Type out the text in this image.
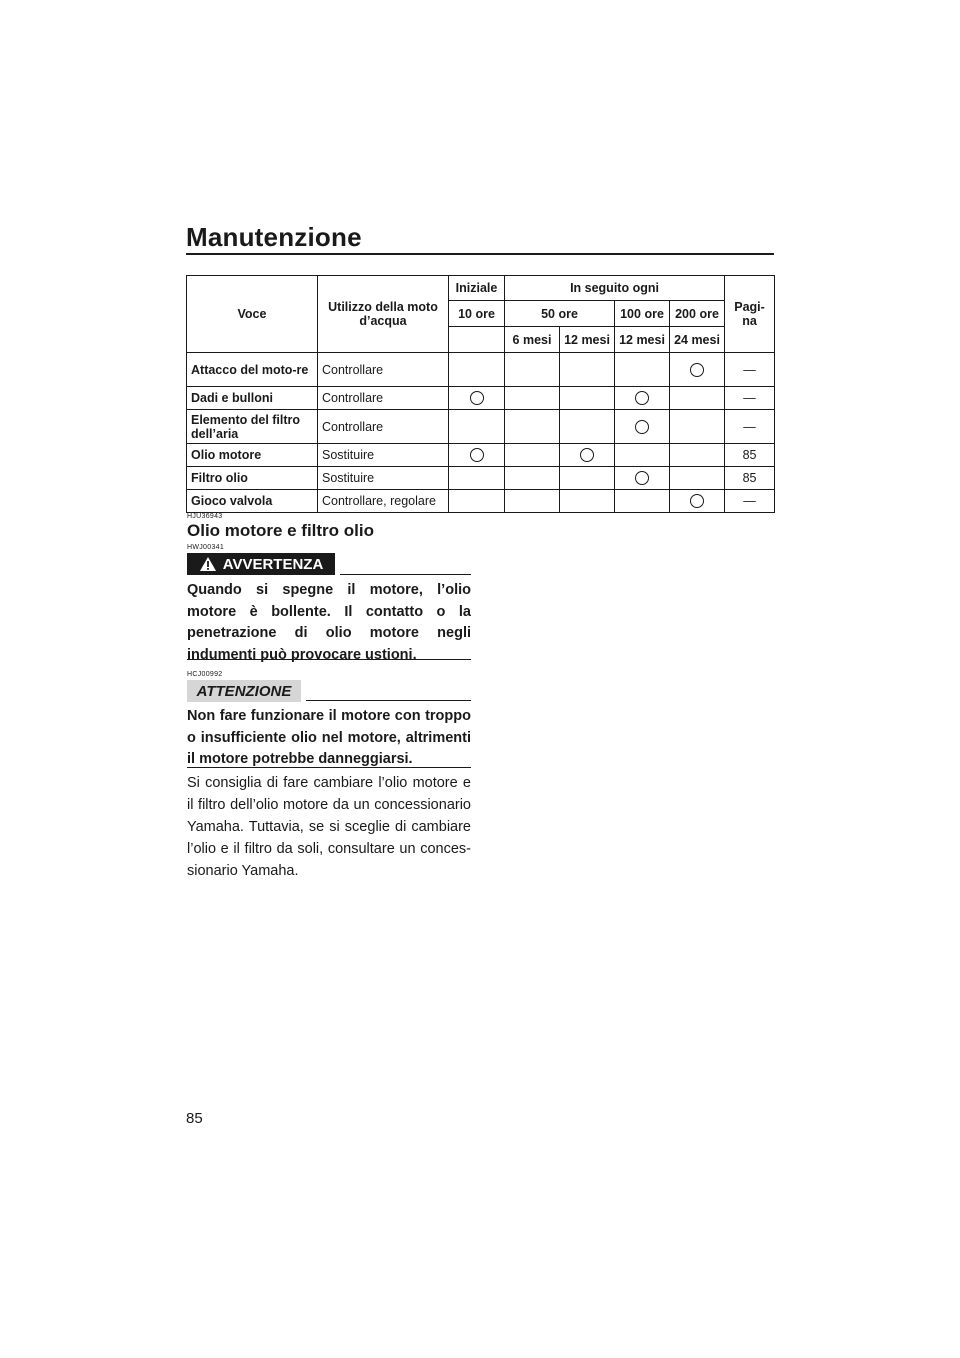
Manutenzione
Voce	Utilizzo della moto d’acqua	Iniziale	In seguito ogni				Pagi-na
		10 ore	50 ore		100 ore	200 ore	
			6 mesi	12 mesi	12 mesi	24 mesi	
Attacco del moto-re	Controllare						—
Dadi e bulloni	Controllare						—
Elemento del filtro dell’aria	Controllare						—
Olio motore	Sostituire						85
Filtro olio	Sostituire						85
Gioco valvola	Controllare, regolare						—
HJU36943
Olio motore e filtro olio
HWJ00341
AVVERTENZA
Quando si spegne il motore, l’olio motore è bollente. Il contatto o la penetrazione di olio motore negli indumenti può provocare ustioni.
HCJ00992
ATTENZIONE
Non fare funzionare il motore con troppo o insufficiente olio nel motore, altrimenti il motore potrebbe danneggiarsi.
Si consiglia di fare cambiare l’olio motore e il filtro dell’olio motore da un concessionario Yamaha. Tuttavia, se si sceglie di cambiare l’olio e il filtro da soli, consultare un conces-sionario Yamaha.
85
